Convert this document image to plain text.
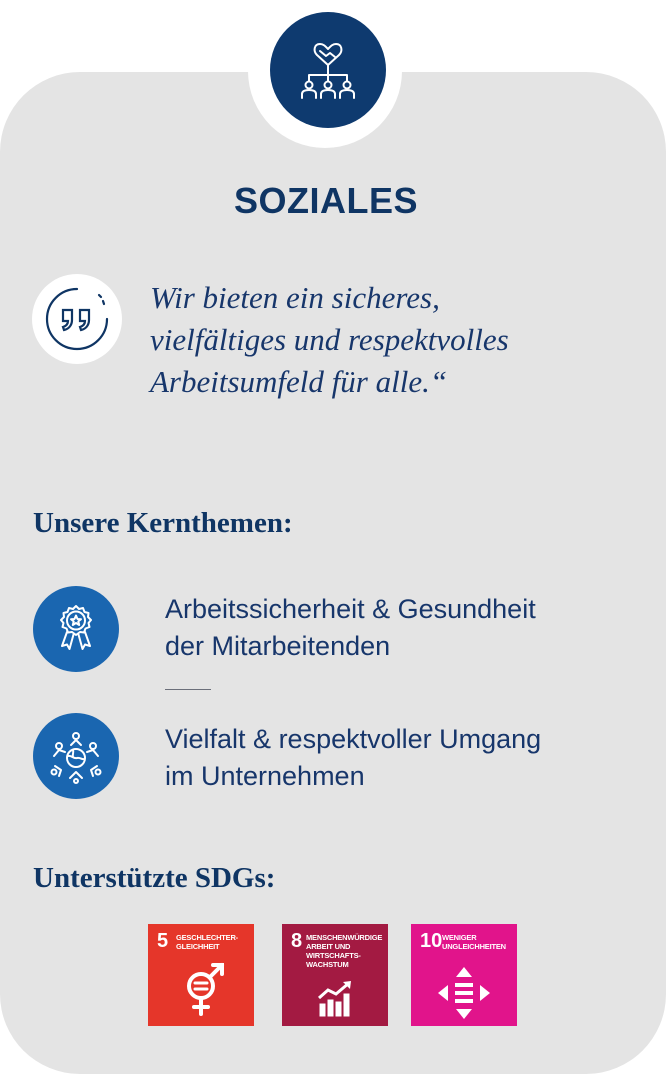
SOZIALES
Wir bieten ein sicheres,
vielfältiges und respektvolles
Arbeitsumfeld für alle.“
Unsere Kernthemen:
Arbeitssicherheit & Gesundheit
der Mitarbeitenden
Vielfalt & respektvoller Umgang
im Unternehmen
Unterstützte SDGs:
5 GESCHLECHTER-
GLEICHHEIT	8 MENSCHENWÜRDIGE
ARBEIT UND
WIRTSCHAFTS-
WACHSTUM
10 WENIGER
UNGLEICHHEITEN
